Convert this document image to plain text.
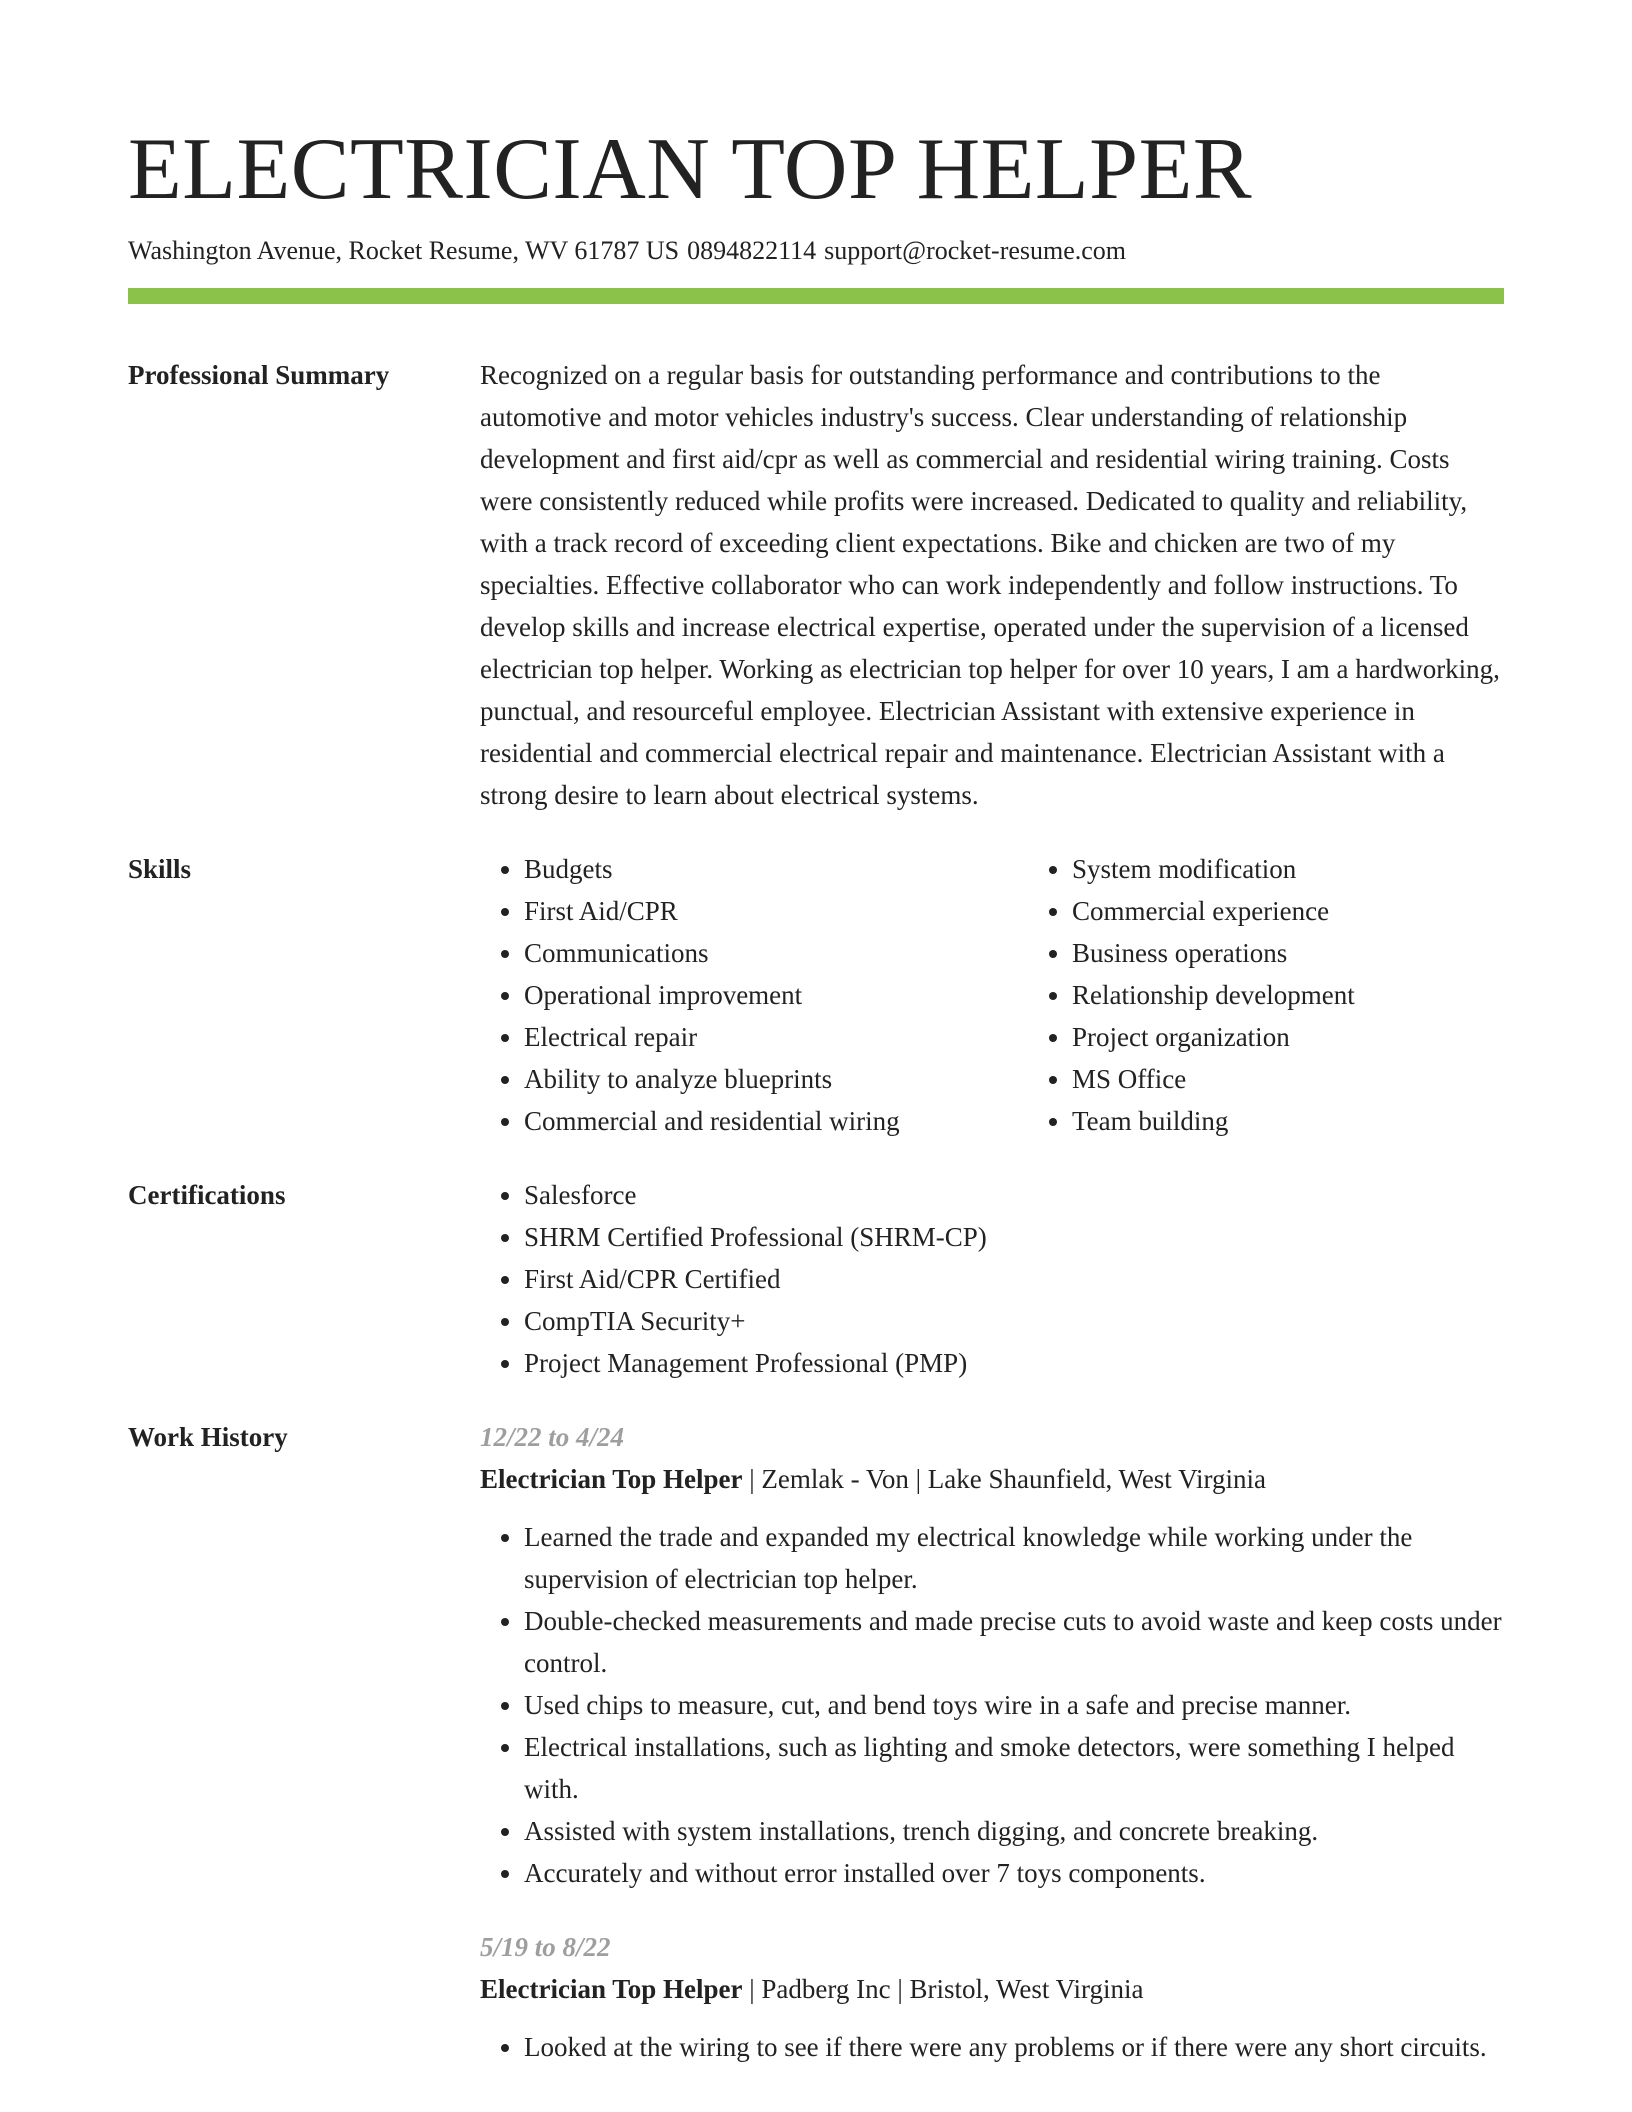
ELECTRICIAN TOP HELPER
Washington Avenue, Rocket Resume, WV 61787 US 0894822114 support@rocket-resume.com
Professional Summary	Recognized on a regular basis for outstanding performance and contributions to the automotive and motor vehicles industry's success. Clear understanding of relationship development and first aid/cpr as well as commercial and residential wiring training. Costs were consistently reduced while profits were increased. Dedicated to quality and reliability, with a track record of exceeding client expectations. Bike and chicken are two of my specialties. Effective collaborator who can work independently and follow instructions. To develop skills and increase electrical expertise, operated under the supervision of a licensed electrician top helper. Working as electrician top helper for over 10 years, I am a hardworking, punctual, and resourceful employee. Electrician Assistant with extensive experience in residential and commercial electrical repair and maintenance. Electrician Assistant with a strong desire to learn about electrical systems.

Skills	• Budgets
• First Aid/CPR
• Communications
• Operational improvement
• Electrical repair
• Ability to analyze blueprints
• Commercial and residential wiring
• System modification
• Commercial experience
• Business operations
• Relationship development
• Project organization
• MS Office
• Team building
Certifications	• Salesforce
• SHRM Certified Professional (SHRM-CP)
• First Aid/CPR Certified
• CompTIA Security+
• Project Management Professional (PMP)
Work History	12/22 to 4/24
Electrician Top Helper | Zemlak - Von | Lake Shaunfield, West Virginia
• Learned the trade and expanded my electrical knowledge while working under the supervision of electrician top helper.
• Double-checked measurements and made precise cuts to avoid waste and keep costs under control.
• Used chips to measure, cut, and bend toys wire in a safe and precise manner.
• Electrical installations, such as lighting and smoke detectors, were something I helped with.
• Assisted with system installations, trench digging, and concrete breaking.
• Accurately and without error installed over 7 toys components.
5/19 to 8/22
Electrician Top Helper | Padberg Inc | Bristol, West Virginia
• Looked at the wiring to see if there were any problems or if there were any short circuits.
